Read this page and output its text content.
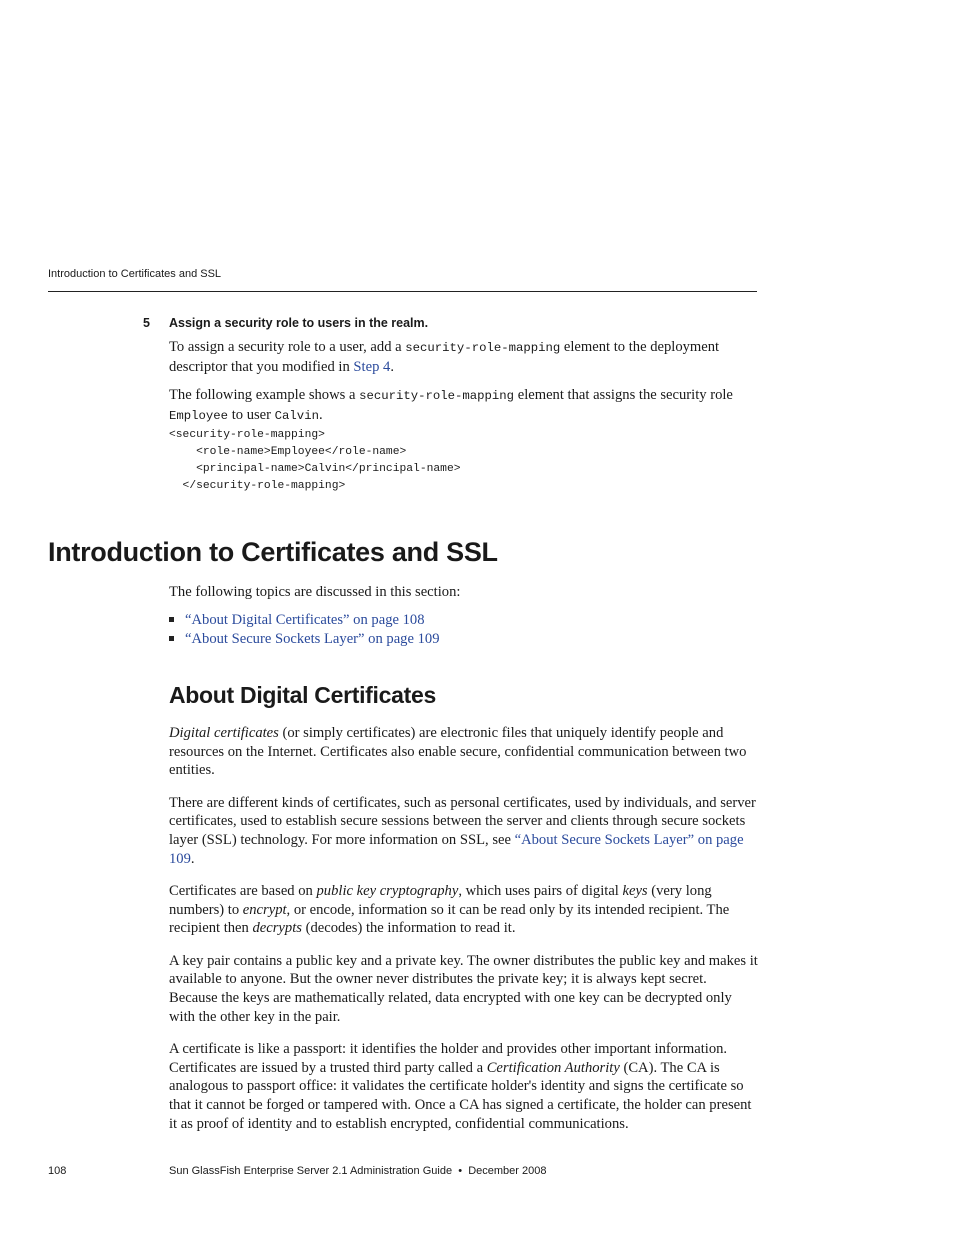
Introduction to Certificates and SSL
5 Assign a security role to users in the realm.

To assign a security role to a user, add a security-role-mapping element to the deployment descriptor that you modified in Step 4.

The following example shows a security-role-mapping element that assigns the security role Employee to user Calvin.

<security-role-mapping>
<role-name>Employee</role-name>
<principal-name>Calvin</principal-name>
</security-role-mapping>
Introduction to Certificates and SSL

The following topics are discussed in this section:

“About Digital Certificates” on page 108
“About Secure Sockets Layer” on page 109
About Digital Certificates

Digital certificates (or simply certificates) are electronic files that uniquely identify people and resources on the Internet. Certificates also enable secure, confidential communication between two entities.

There are different kinds of certificates, such as personal certificates, used by individuals, and server certificates, used to establish secure sessions between the server and clients through secure sockets layer (SSL) technology. For more information on SSL, see “About Secure Sockets Layer” on page 109.

Certificates are based on public key cryptography, which uses pairs of digital keys (very long numbers) to encrypt, or encode, information so it can be read only by its intended recipient. The recipient then decrypts (decodes) the information to read it.

A key pair contains a public key and a private key. The owner distributes the public key and makes it available to anyone. But the owner never distributes the private key; it is always kept secret. Because the keys are mathematically related, data encrypted with one key can be decrypted only with the other key in the pair.

A certificate is like a passport: it identifies the holder and provides other important information. Certificates are issued by a trusted third party called a Certification Authority (CA). The CA is analogous to passport office: it validates the certificate holder's identity and signs the certificate so that it cannot be forged or tampered with. Once a CA has signed a certificate, the holder can present it as proof of identity and to establish encrypted, confidential communications.

108	Sun GlassFish Enterprise Server 2.1 Administration Guide • December 2008
